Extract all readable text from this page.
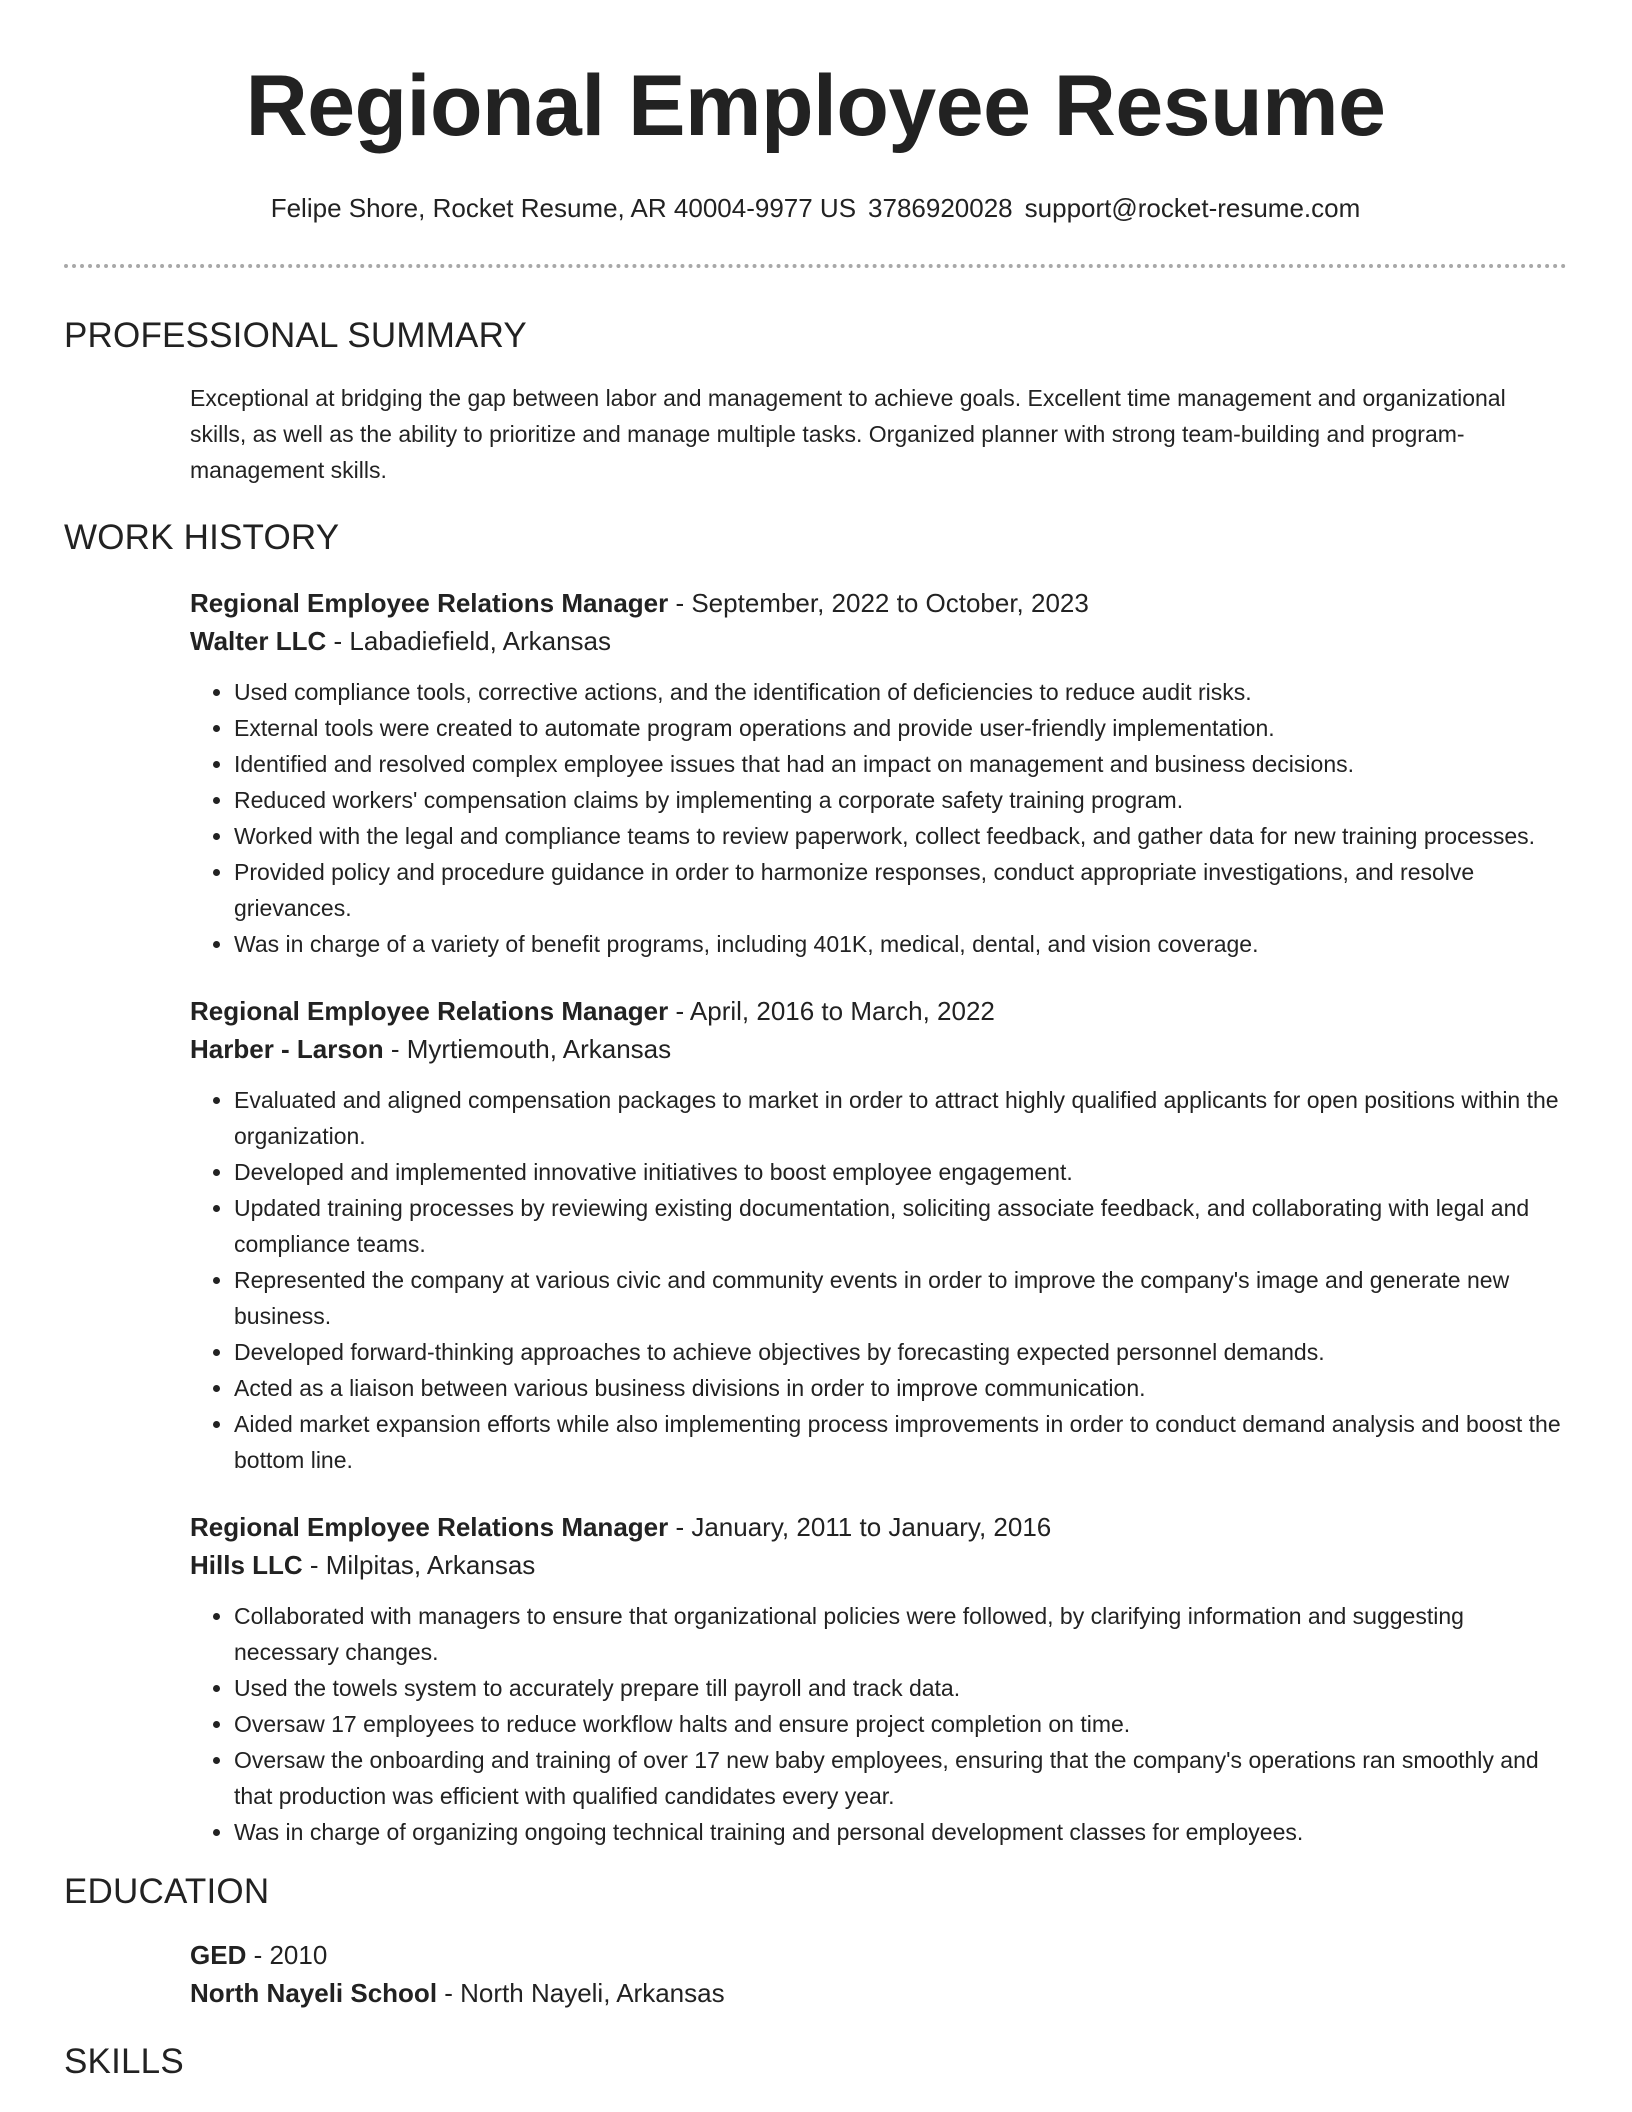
Regional Employee Resume
Felipe Shore, Rocket Resume, AR 40004-9977 US 3786920028 support@rocket-resume.com
PROFESSIONAL SUMMARY
Exceptional at bridging the gap between labor and management to achieve goals. Excellent time management and organizational skills, as well as the ability to prioritize and manage multiple tasks. Organized planner with strong team-building and program-management skills.
WORK HISTORY
Regional Employee Relations Manager - September, 2022 to October, 2023
Walter LLC - Labadiefield, Arkansas
• Used compliance tools, corrective actions, and the identification of deficiencies to reduce audit risks.
• External tools were created to automate program operations and provide user-friendly implementation.
• Identified and resolved complex employee issues that had an impact on management and business decisions.
• Reduced workers' compensation claims by implementing a corporate safety training program.
• Worked with the legal and compliance teams to review paperwork, collect feedback, and gather data for new training processes.
• Provided policy and procedure guidance in order to harmonize responses, conduct appropriate investigations, and resolve grievances.
• Was in charge of a variety of benefit programs, including 401K, medical, dental, and vision coverage.
Regional Employee Relations Manager - April, 2016 to March, 2022
Harber - Larson - Myrtiemouth, Arkansas
• Evaluated and aligned compensation packages to market in order to attract highly qualified applicants for open positions within the organization.
• Developed and implemented innovative initiatives to boost employee engagement.
• Updated training processes by reviewing existing documentation, soliciting associate feedback, and collaborating with legal and compliance teams.
• Represented the company at various civic and community events in order to improve the company's image and generate new business.
• Developed forward-thinking approaches to achieve objectives by forecasting expected personnel demands.
• Acted as a liaison between various business divisions in order to improve communication.
• Aided market expansion efforts while also implementing process improvements in order to conduct demand analysis and boost the bottom line.
Regional Employee Relations Manager - January, 2011 to January, 2016
Hills LLC - Milpitas, Arkansas
• Collaborated with managers to ensure that organizational policies were followed, by clarifying information and suggesting necessary changes.
• Used the towels system to accurately prepare till payroll and track data.
• Oversaw 17 employees to reduce workflow halts and ensure project completion on time.
• Oversaw the onboarding and training of over 17 new baby employees, ensuring that the company's operations ran smoothly and that production was efficient with qualified candidates every year.
• Was in charge of organizing ongoing technical training and personal development classes for employees.
EDUCATION
GED - 2010
North Nayeli School - North Nayeli, Arkansas
SKILLS
